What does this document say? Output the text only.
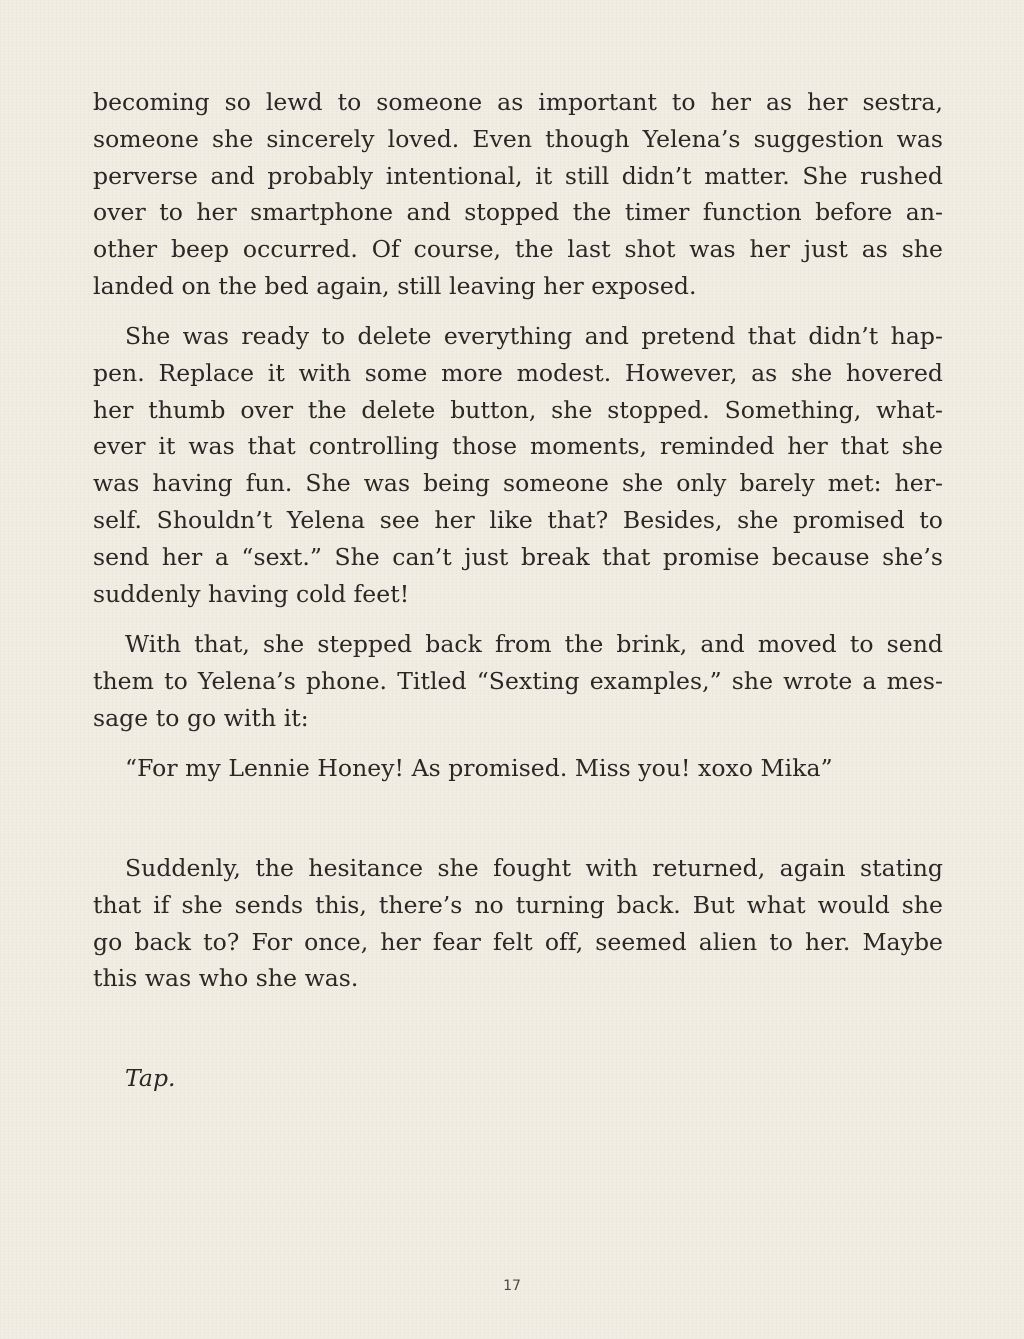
becoming so lewd to someone as important to her as her sestra,
someone she sincerely loved. Even though Yelena’s suggestion was
perverse and probably intentional, it still didn’t matter. She rushed
over to her smartphone and stopped the timer function before an-
other beep occurred. Of course, the last shot was her just as she
landed on the bed again, still leaving her exposed.
She was ready to delete everything and pretend that didn’t hap-
pen. Replace it with some more modest. However, as she hovered
her thumb over the delete button, she stopped. Something, what-
ever it was that controlling those moments, reminded her that she
was having fun. She was being someone she only barely met: her-
self. Shouldn’t Yelena see her like that? Besides, she promised to
send her a “sext.” She can’t just break that promise because she’s
suddenly having cold feet!
With that, she stepped back from the brink, and moved to send
them to Yelena’s phone. Titled “Sexting examples,” she wrote a mes-
sage to go with it:
“For my Lennie Honey! As promised. Miss you! xoxo Mika”
Suddenly, the hesitance she fought with returned, again stating
that if she sends this, there’s no turning back. But what would she
go back to? For once, her fear felt off, seemed alien to her. Maybe
this was who she was.
Tap.
17
